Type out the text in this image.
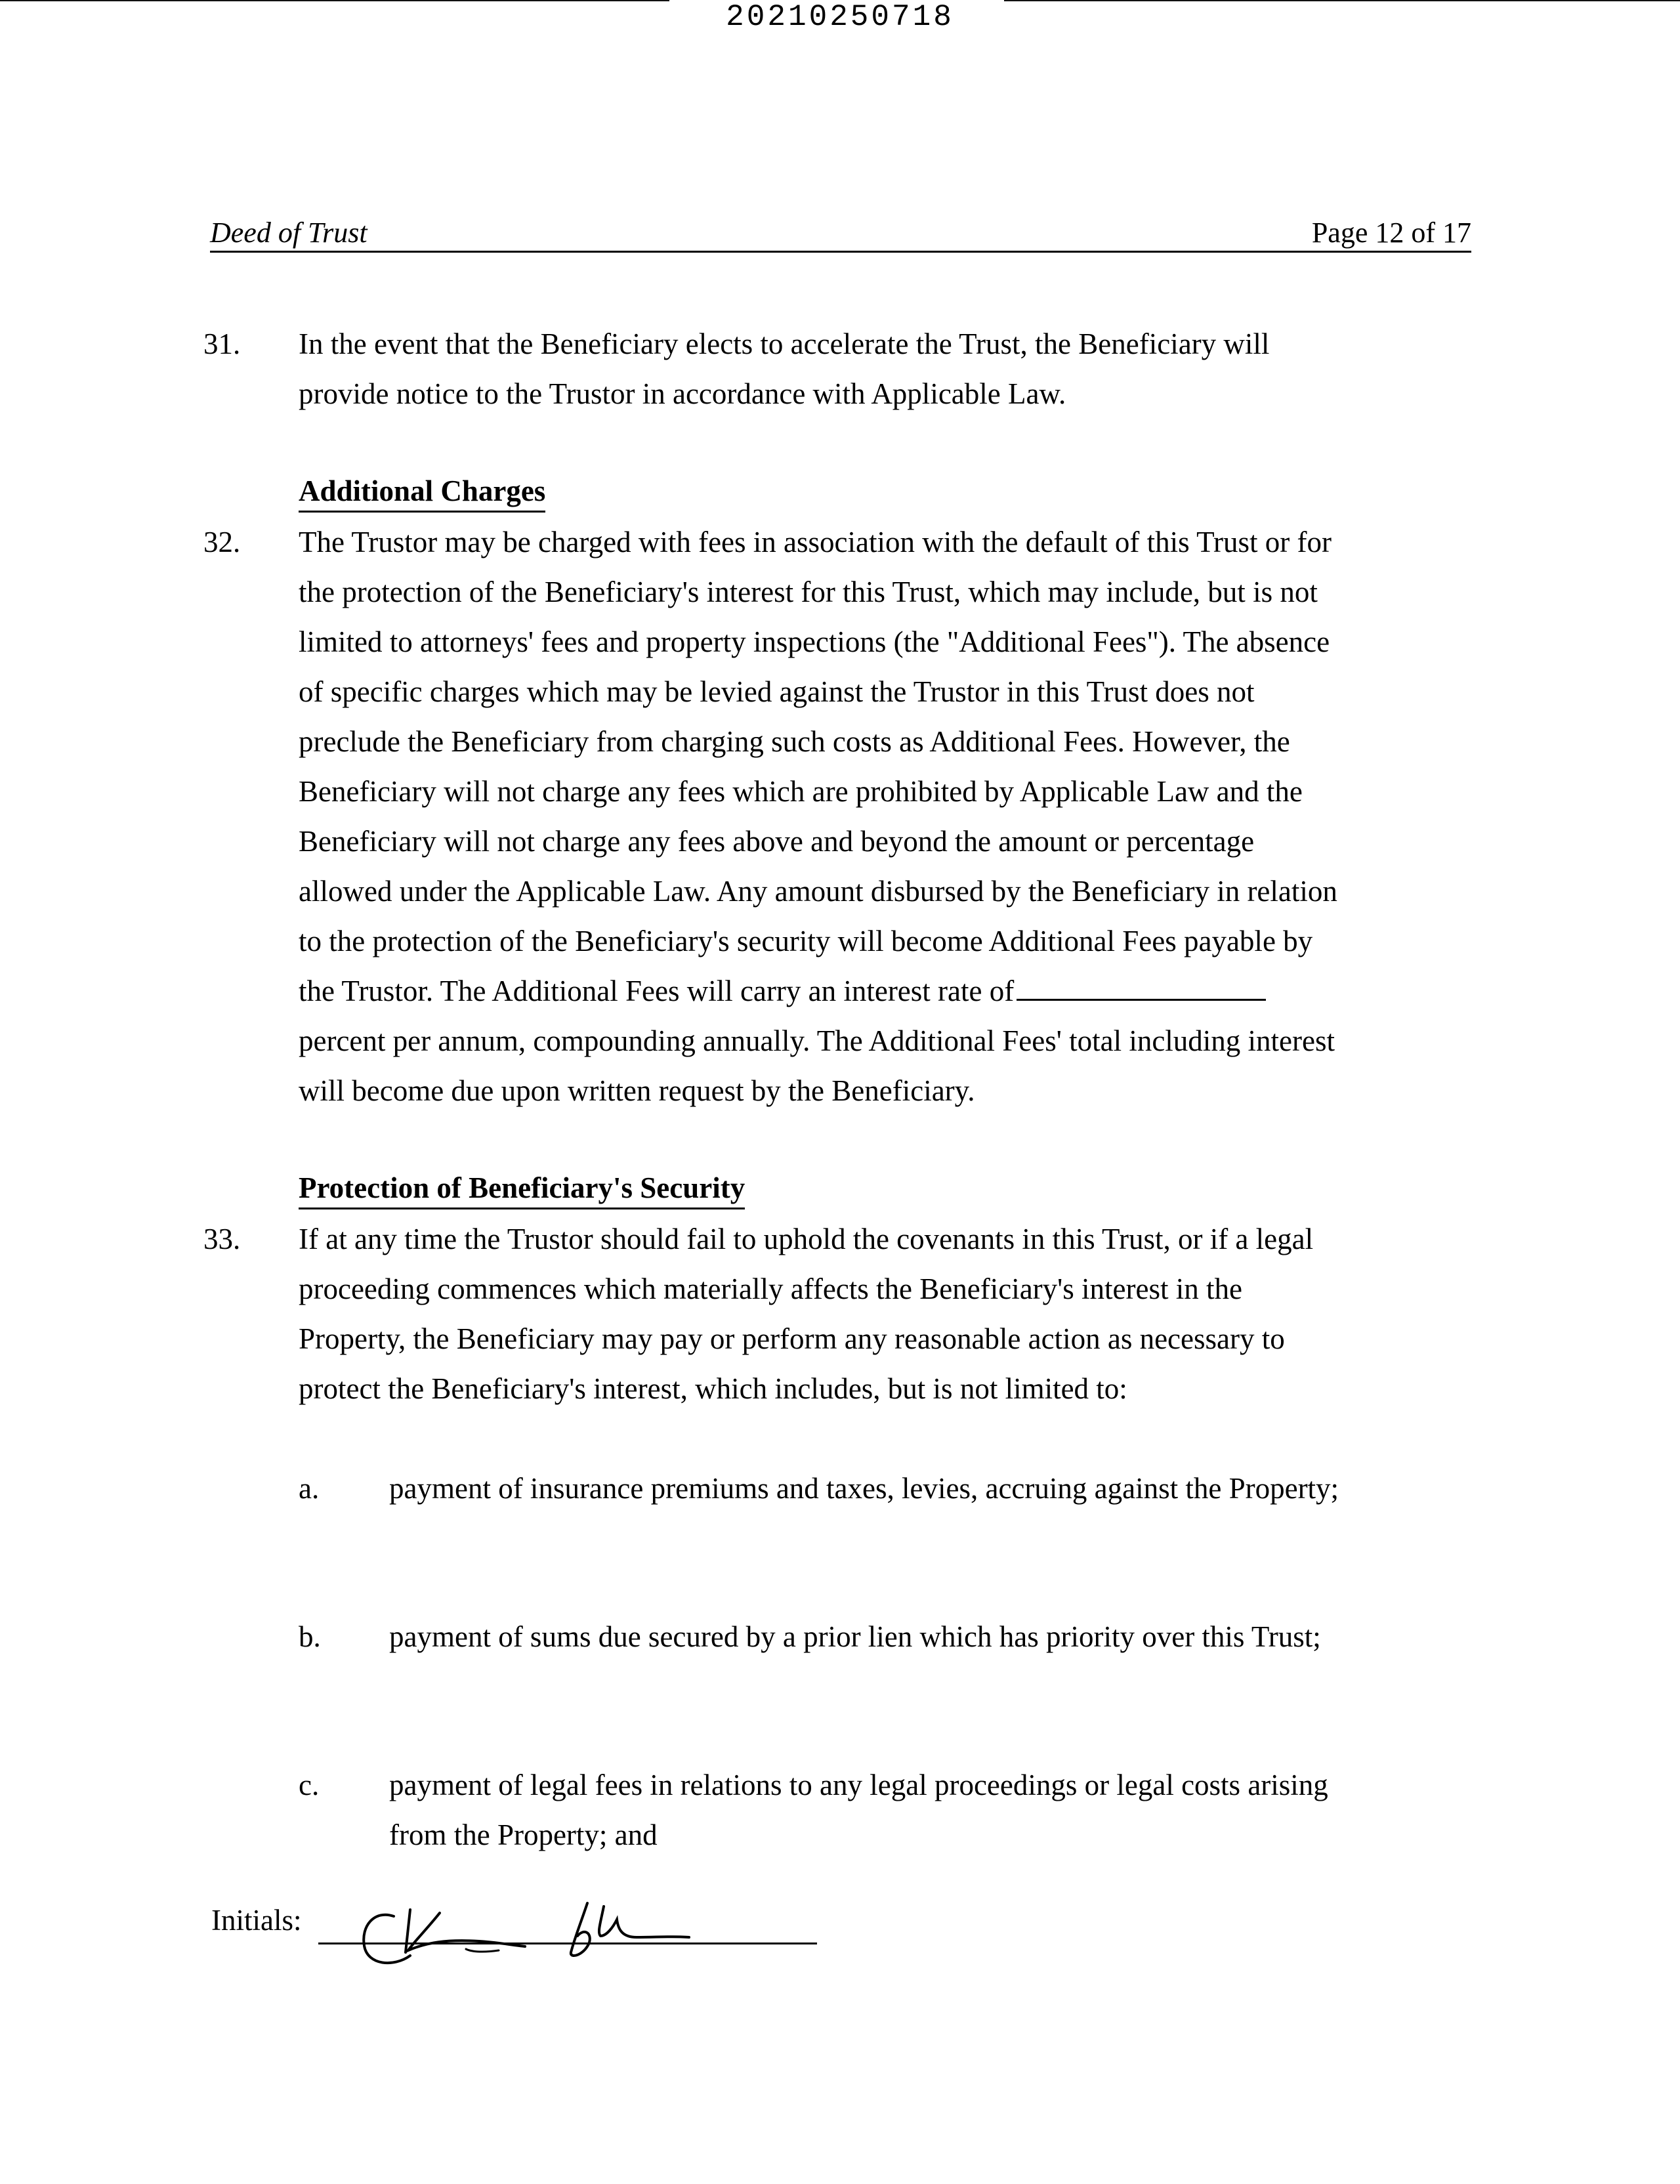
20210250718
Deed of Trust	Page 12 of 17
31. In the event that the Beneficiary elects to accelerate the Trust, the Beneficiary will
provide notice to the Trustor in accordance with Applicable Law.
Additional Charges
32. The Trustor may be charged with fees in association with the default of this Trust or for
the protection of the Beneficiary's interest for this Trust, which may include, but is not
limited to attorneys' fees and property inspections (the "Additional Fees"). The absence
of specific charges which may be levied against the Trustor in this Trust does not
preclude the Beneficiary from charging such costs as Additional Fees. However, the
Beneficiary will not charge any fees which are prohibited by Applicable Law and the
Beneficiary will not charge any fees above and beyond the amount or percentage
allowed under the Applicable Law. Any amount disbursed by the Beneficiary in relation
to the protection of the Beneficiary's security will become Additional Fees payable by
the Trustor. The Additional Fees will carry an interest rate of
percent per annum, compounding annually. The Additional Fees' total including interest
will become due upon written request by the Beneficiary.
Protection of Beneficiary's Security
33. If at any time the Trustor should fail to uphold the covenants in this Trust, or if a legal
proceeding commences which materially affects the Beneficiary's interest in the
Property, the Beneficiary may pay or perform any reasonable action as necessary to
protect the Beneficiary's interest, which includes, but is not limited to:
a. payment of insurance premiums and taxes, levies, accruing against the Property;
b. payment of sums due secured by a prior lien which has priority over this Trust;
c. payment of legal fees in relations to any legal proceedings or legal costs arising
from the Property; and
Initials:
